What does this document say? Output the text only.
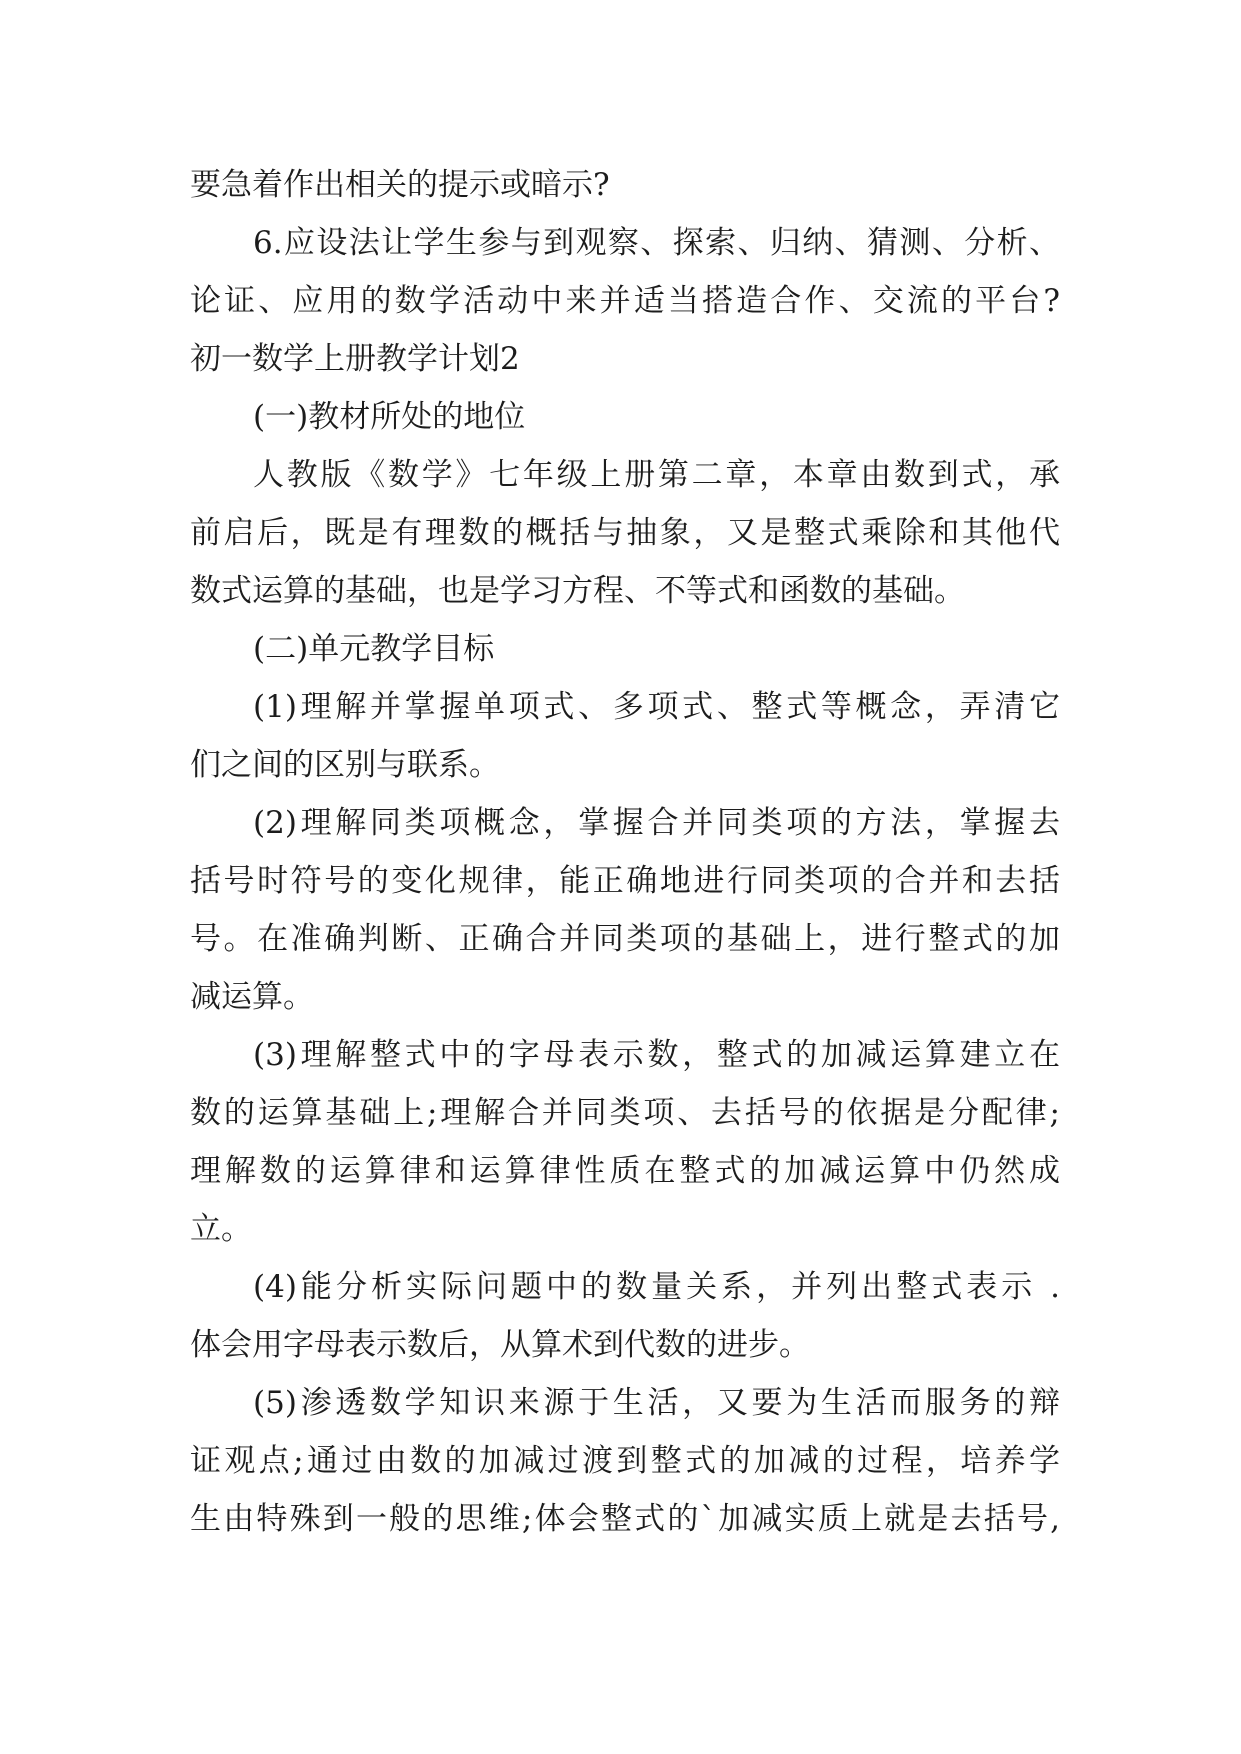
要急着作出相关的提示或暗示?
6.应设法让学生参与到观察、探索、归纳、猜测、分析、
论证、应用的数学活动中来并适当搭造合作、交流的平台?
初一数学上册教学计划2
(一)教材所处的地位
人教版《数学》七年级上册第二章，本章由数到式，承
前启后，既是有理数的概括与抽象，又是整式乘除和其他代
数式运算的基础，也是学习方程、不等式和函数的基础。
(二)单元教学目标
(1)理解并掌握单项式、多项式、整式等概念，弄清它
们之间的区别与联系。
(2)理解同类项概念，掌握合并同类项的方法，掌握去
括号时符号的变化规律，能正确地进行同类项的合并和去括
号。在准确判断、正确合并同类项的基础上，进行整式的加
减运算。
(3)理解整式中的字母表示数，整式的加减运算建立在
数的运算基础上;理解合并同类项、去括号的依据是分配律;
理解数的运算律和运算律性质在整式的加减运算中仍然成
立。
(4)能分析实际问题中的数量关系，并列出整式表示 .
体会用字母表示数后，从算术到代数的进步。
(5)渗透数学知识来源于生活，又要为生活而服务的辩
证观点;通过由数的加减过渡到整式的加减的过程，培养学
生由特殊到一般的思维;体会整式的`加减实质上就是去括号,
